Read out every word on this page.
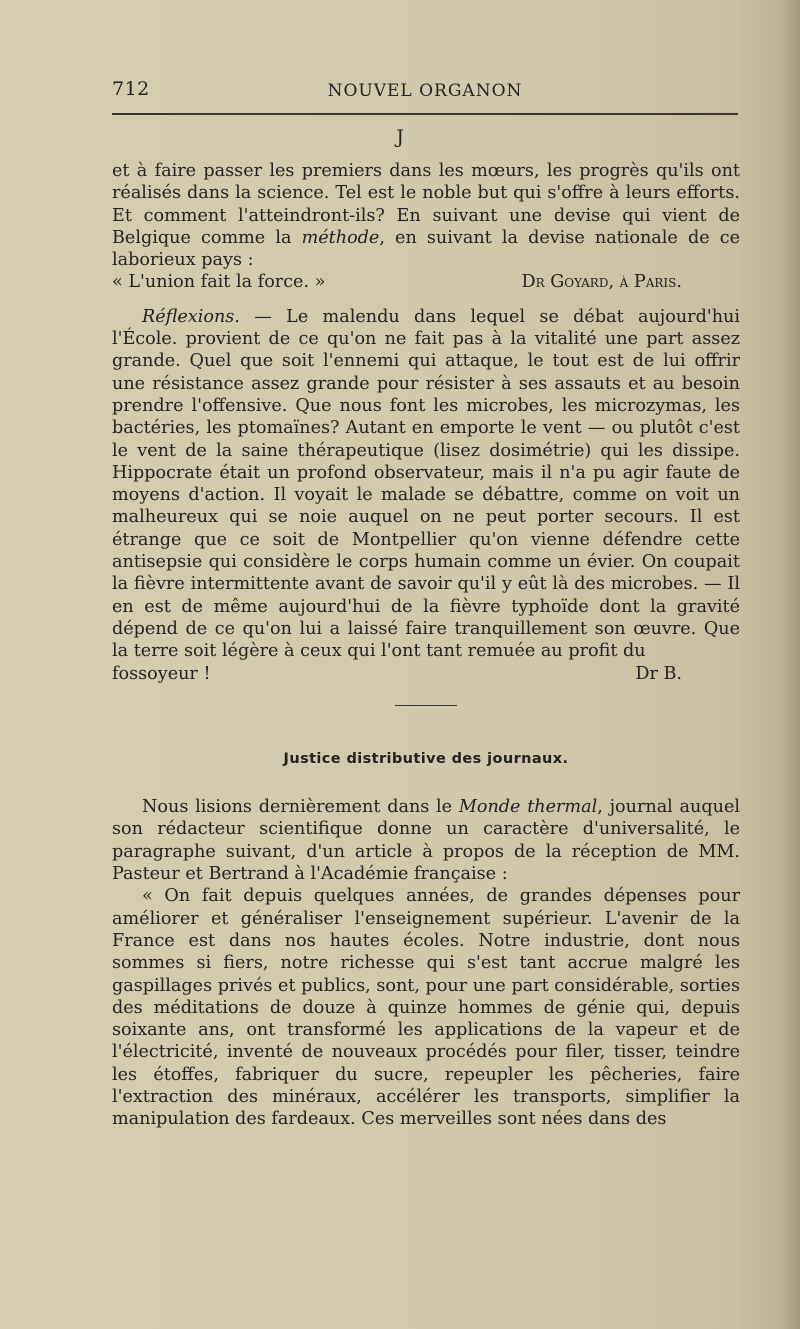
712	NOUVEL ORGANON
J

et à faire passer les premiers dans les mœurs, les progrès qu'ils ont réalisés dans la science. Tel est le noble but qui s'offre à leurs efforts. Et comment l'atteindront-ils? En suivant une devise qui vient de Belgique comme la méthode, en suivant la devise nationale de ce laborieux pays :

« L'union fait la force. »	Dr Goyard, à Paris.

Réflexions. — Le malendu dans lequel se débat aujourd'hui l'École. provient de ce qu'on ne fait pas à la vitalité une part assez grande. Quel que soit l'ennemi qui attaque, le tout est de lui offrir une résistance assez grande pour résister à ses assauts et au besoin prendre l'offensive. Que nous font les microbes, les microzymas, les bactéries, les ptomaïnes? Autant en emporte le vent — ou plutôt c'est le vent de la saine thérapeutique (lisez dosimétrie) qui les dissipe. Hippocrate était un profond observateur, mais il n'a pu agir faute de moyens d'action. Il voyait le malade se débattre, comme on voit un malheureux qui se noie auquel on ne peut porter secours. Il est étrange que ce soit de Montpellier qu'on vienne défendre cette antisepsie qui considère le corps humain comme un évier. On coupait la fièvre intermittente avant de savoir qu'il y eût là des microbes. — Il en est de même aujourd'hui de la fièvre typhoïde dont la gravité dépend de ce qu'on lui a laissé faire tranquillement son œuvre. Que la terre soit légère à ceux qui l'ont tant remuée au profit du

fossoyeur !	Dr B.
Justice distributive des journaux.

Nous lisions dernièrement dans le Monde thermal, journal auquel son rédacteur scientifique donne un caractère d'universalité, le paragraphe suivant, d'un article à propos de la réception de MM. Pasteur et Bertrand à l'Académie française :

« On fait depuis quelques années, de grandes dépenses pour améliorer et généraliser l'enseignement supérieur. L'avenir de la France est dans nos hautes écoles. Notre industrie, dont nous sommes si fiers, notre richesse qui s'est tant accrue malgré les gaspillages privés et publics, sont, pour une part considérable, sorties des méditations de douze à quinze hommes de génie qui, depuis soixante ans, ont transformé les applications de la vapeur et de l'électricité, inventé de nouveaux procédés pour filer, tisser, teindre les étoffes, fabriquer du sucre, repeupler les pêcheries, faire l'extraction des minéraux, accélérer les transports, simplifier la manipulation des fardeaux. Ces merveilles sont nées dans des
